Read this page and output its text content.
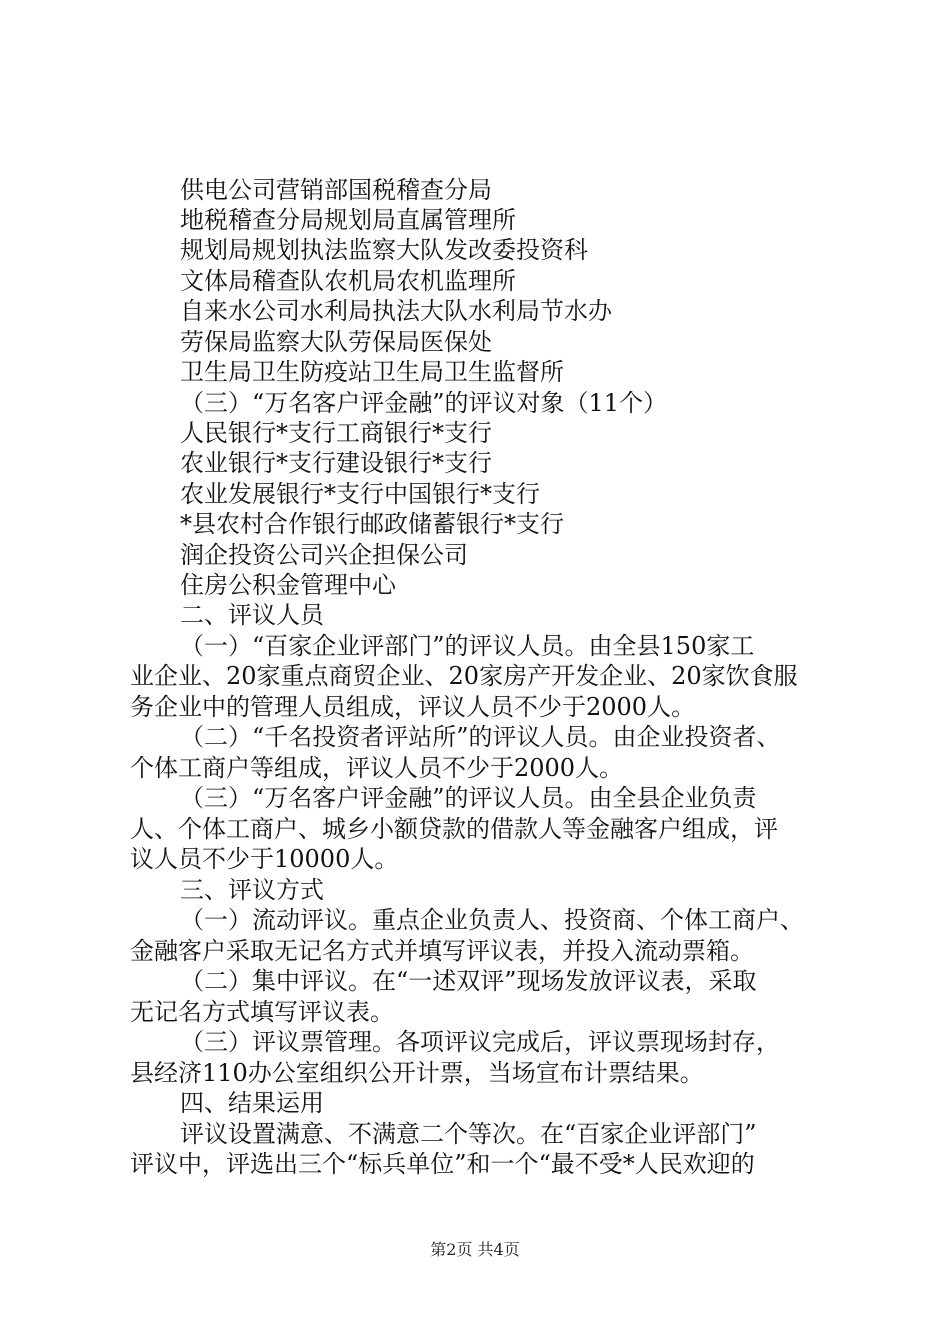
供电公司营销部国税稽查分局
地税稽查分局规划局直属管理所
规划局规划执法监察大队发改委投资科
文体局稽查队农机局农机监理所
自来水公司水利局执法大队水利局节水办
劳保局监察大队劳保局医保处
卫生局卫生防疫站卫生局卫生监督所
（三）“万名客户评金融”的评议对象（11个）
人民银行*支行工商银行*支行
农业银行*支行建设银行*支行
农业发展银行*支行中国银行*支行
*县农村合作银行邮政储蓄银行*支行
润企投资公司兴企担保公司
住房公积金管理中心
二、评议人员
（一）“百家企业评部门”的评议人员。由全县150家工
业企业、20家重点商贸企业、20家房产开发企业、20家饮食服
务企业中的管理人员组成，评议人员不少于2000人。
（二）“千名投资者评站所”的评议人员。由企业投资者、
个体工商户等组成，评议人员不少于2000人。
（三）“万名客户评金融”的评议人员。由全县企业负责
人、个体工商户、城乡小额贷款的借款人等金融客户组成，评
议人员不少于10000人。
三、评议方式
（一）流动评议。重点企业负责人、投资商、个体工商户、
金融客户采取无记名方式并填写评议表，并投入流动票箱。
（二）集中评议。在“一述双评”现场发放评议表，采取
无记名方式填写评议表。
（三）评议票管理。各项评议完成后，评议票现场封存，
县经济110办公室组织公开计票，当场宣布计票结果。
四、结果运用
评议设置满意、不满意二个等次。在“百家企业评部门”
评议中，评选出三个“标兵单位”和一个“最不受*人民欢迎的
第2页 共4页
